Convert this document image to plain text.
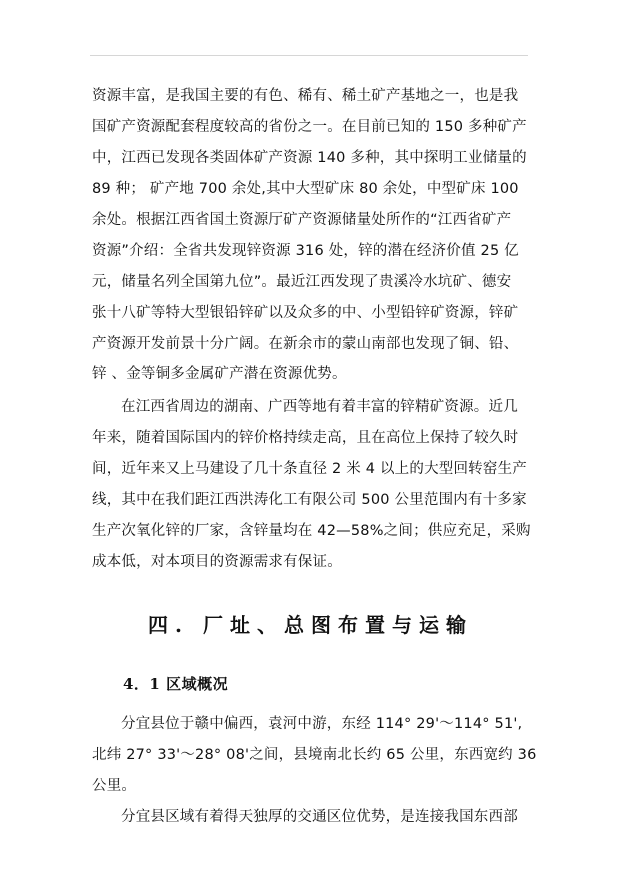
资源丰富，是我国主要的有色、稀有、稀土矿产基地之一，也是我
国矿产资源配套程度较高的省份之一。在目前已知的 150 多种矿产
中，江西已发现各类固体矿产资源 140 多种，其中探明工业储量的
89 种； 矿产地 700 余处,其中大型矿床 80 余处，中型矿床 100
余处。根据江西省国土资源厅矿产资源储量处所作的“江西省矿产
资源”介绍：全省共发现锌资源 316 处，锌的潜在经济价值 25 亿
元，储量名列全国第九位”。最近江西发现了贵溪冷水坑矿、德安
张十八矿等特大型银铅锌矿以及众多的中、小型铅锌矿资源，锌矿
产资源开发前景十分广阔。在新余市的蒙山南部也发现了铜、铅、
锌 、金等铜多金属矿产潜在资源优势。
在江西省周边的湖南、广西等地有着丰富的锌精矿资源。近几
年来，随着国际国内的锌价格持续走高，且在高位上保持了较久时
间，近年来又上马建设了几十条直径 2 米 4 以上的大型回转窑生产
线，其中在我们距江西洪涛化工有限公司 500 公里范围内有十多家
生产次氧化锌的厂家，含锌量均在 42—58%之间；供应充足，采购
成本低，对本项目的资源需求有保证。
四. 厂址、总图布置与运输
4．1 区域概况
分宜县位于赣中偏西，袁河中游，东经 114° 29'～114° 51',
北纬 27° 33'～28° 08'之间，县境南北长约 65 公里，东西宽约 36
公里。
分宜县区域有着得天独厚的交通区位优势，是连接我国东西部
